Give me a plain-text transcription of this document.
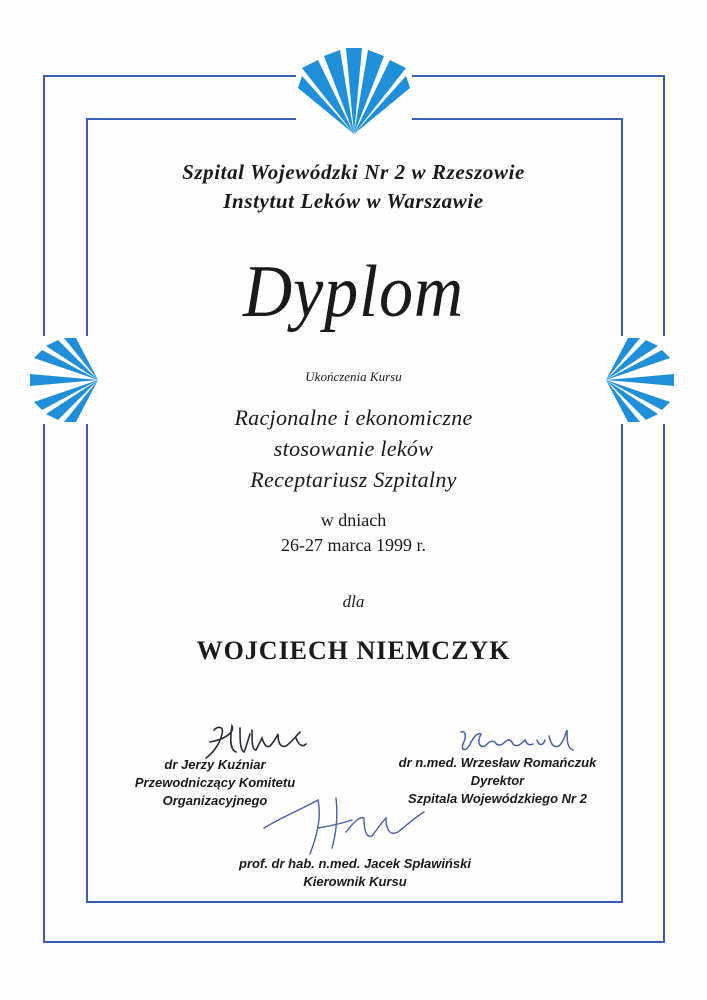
Szpital Wojewódzki Nr 2 w Rzeszowie

Instytut Leków w Warszawie

Dyplom

Ukończenia Kursu

Racjonalne i ekonomiczne

stosowanie leków

Receptariusz Szpitalny

w dniach

26-27 marca 1999 r.

dla

WOJCIECH NIEMCZYK

dr Jerzy Kuźniar
Przewodniczący Komitetu
Organizacyjnego
dr n.med. Wrzesław Romańczuk
Dyrektor
Szpitala Wojewódzkiego Nr 2
prof. dr hab. n.med. Jacek Spławiński
Kierownik Kursu
